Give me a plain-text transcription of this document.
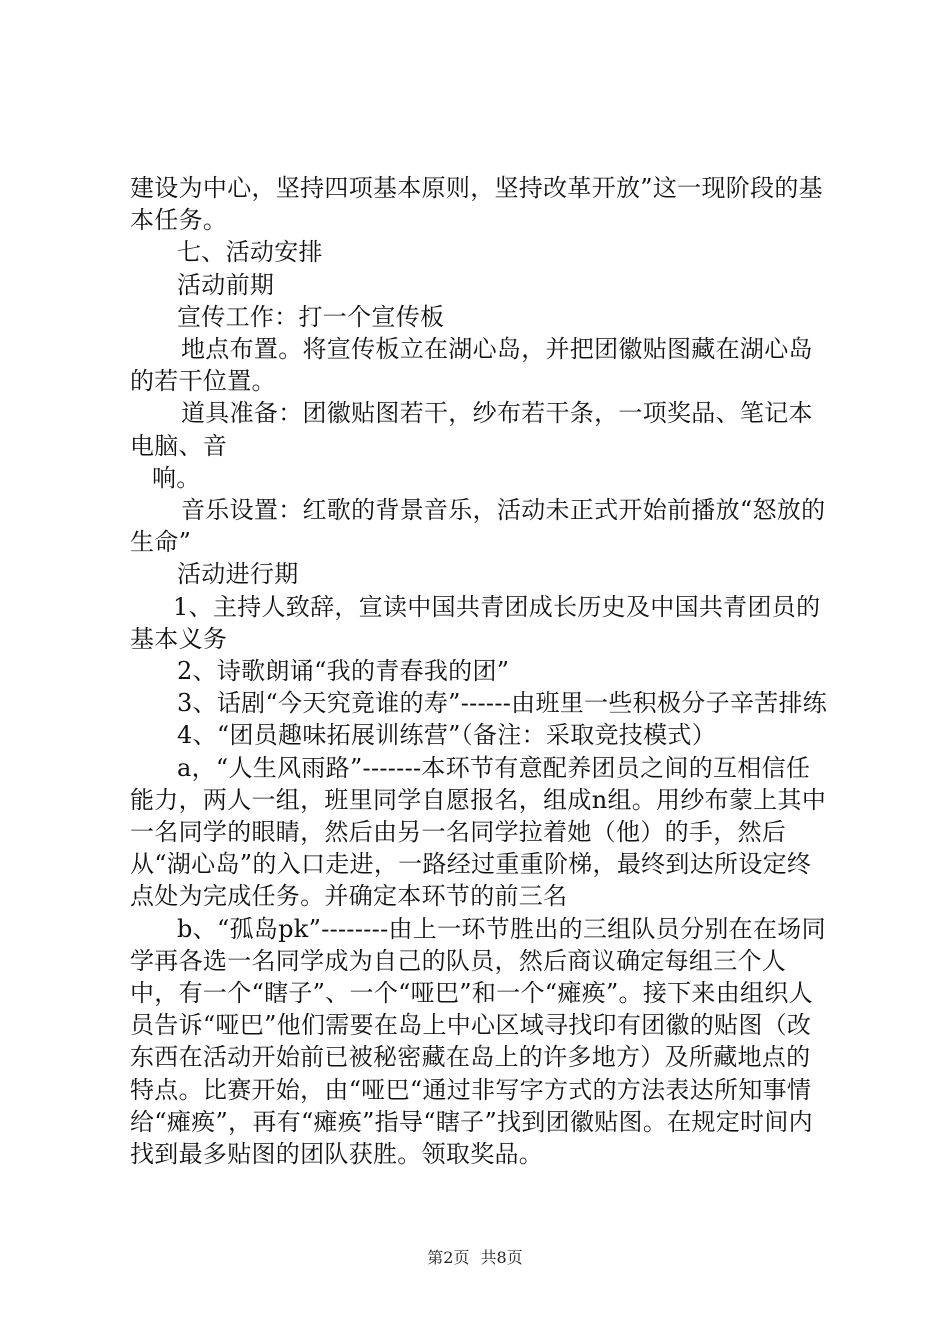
建设为中心，坚持四项基本原则，坚持改革开放”这一现阶段的基本任务。

七、活动安排

活动前期

宣传工作：打一个宣传板

地点布置。将宣传板立在湖心岛，并把团徽贴图藏在湖心岛的若干位置。

道具准备：团徽贴图若干，纱布若干条，一项奖品、笔记本电脑、音

响。

音乐设置：红歌的背景音乐，活动未正式开始前播放“怒放的生命”

活动进行期

1、主持人致辞，宣读中国共青团成长历史及中国共青团员的基本义务

2、诗歌朗诵“我的青春我的团”

3、话剧“今天究竟谁的寿”------由班里一些积极分子辛苦排练

4、“团员趣味拓展训练营”（备注：采取竞技模式）

a，“人生风雨路”-------本环节有意配养团员之间的互相信任能力，两人一组，班里同学自愿报名，组成n组。用纱布蒙上其中一名同学的眼睛，然后由另一名同学拉着她（他）的手，然后从“湖心岛”的入口走进，一路经过重重阶梯，最终到达所设定终点处为完成任务。并确定本环节的前三名

b、“孤岛pk”--------由上一环节胜出的三组队员分别在在场同学再各选一名同学成为自己的队员，然后商议确定每组三个人中，有一个“瞎子”、一个“哑巴”和一个“瘫痪”。接下来由组织人员告诉“哑巴”他们需要在岛上中心区域寻找印有团徽的贴图（改东西在活动开始前已被秘密藏在岛上的许多地方）及所藏地点的特点。比赛开始，由“哑巴“通过非写字方式的方法表达所知事情给“瘫痪”，再有“瘫痪”指导“瞎子”找到团徽贴图。在规定时间内找到最多贴图的团队获胜。领取奖品。

第2页 共8页
